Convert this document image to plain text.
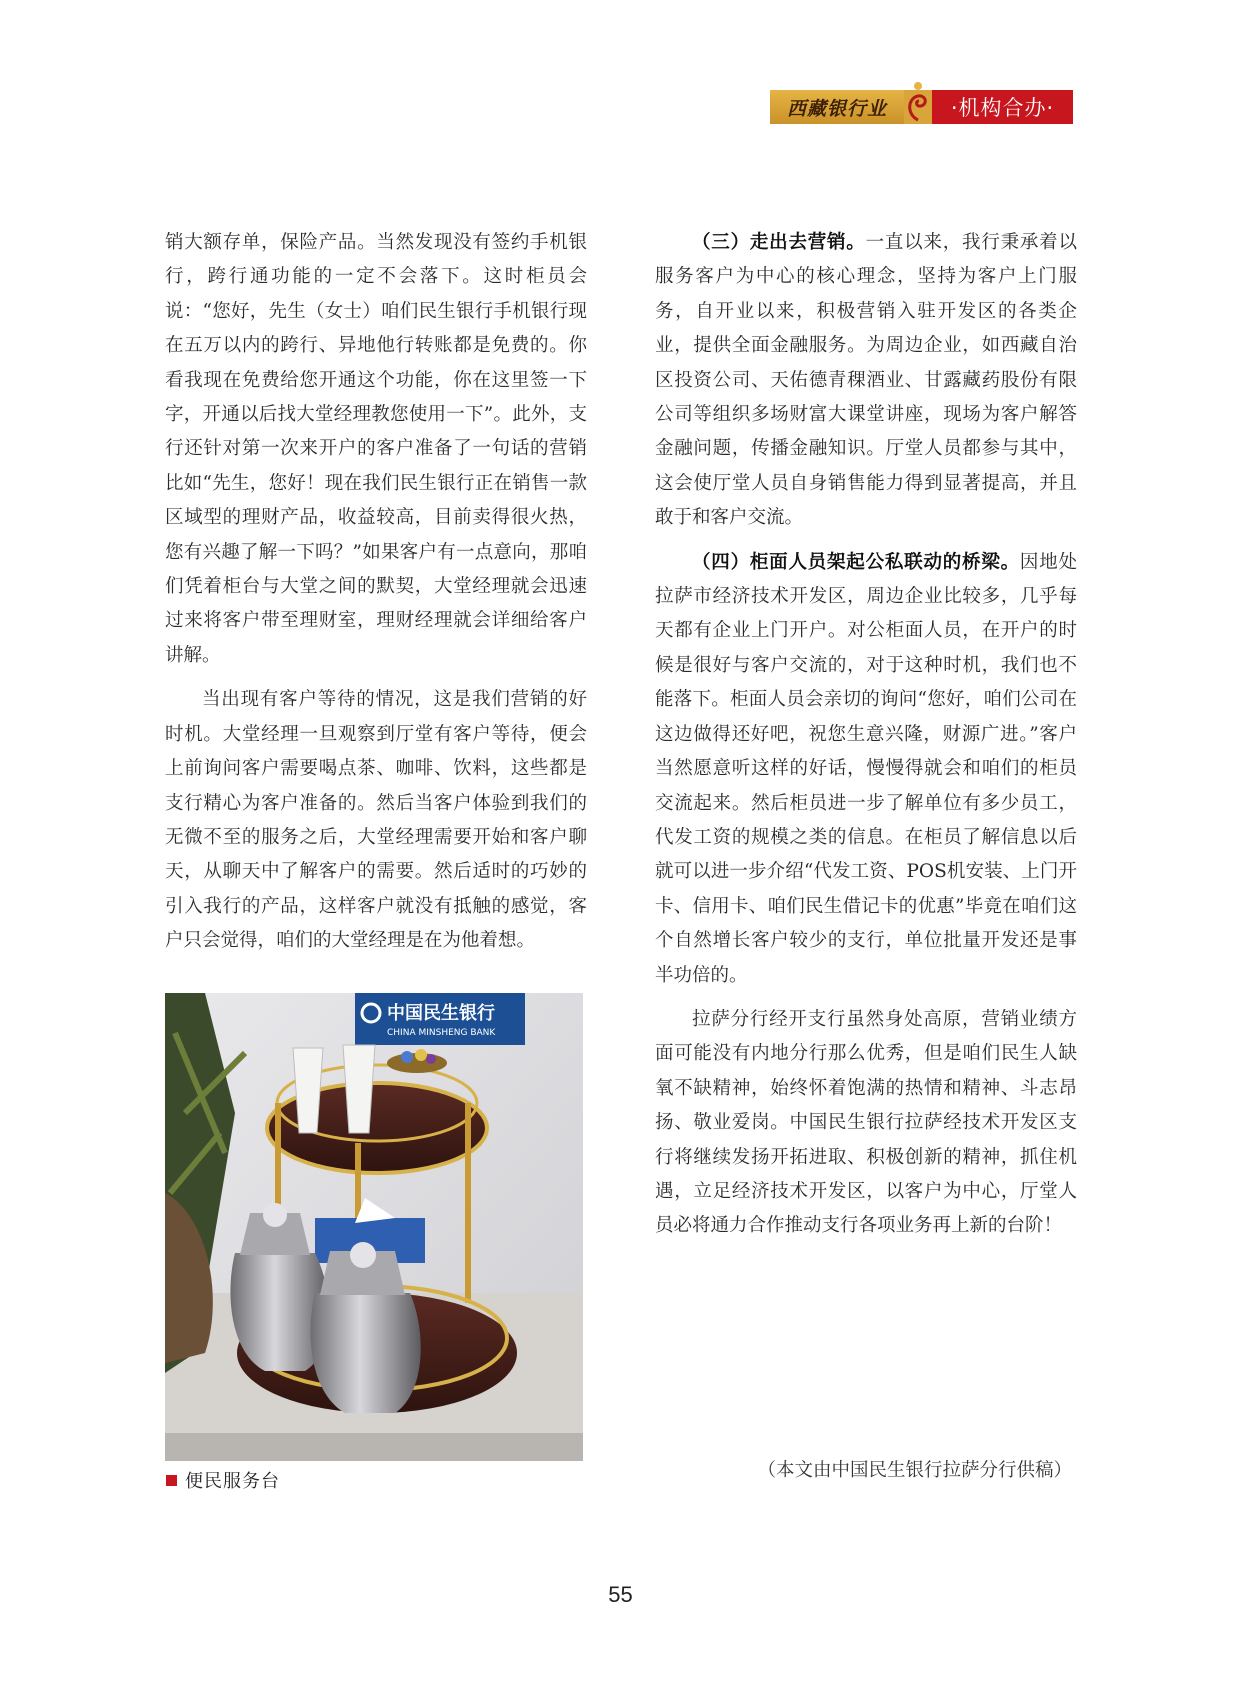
西藏银行业	·机构合办·

销大额存单，保险产品。当然发现没有签约手机银行，跨行通功能的一定不会落下。这时柜员会说：“您好，先生（女士）咱们民生银行手机银行现在五万以内的跨行、异地他行转账都是免费的。你看我现在免费给您开通这个功能，你在这里签一下字，开通以后找大堂经理教您使用一下”。此外，支行还针对第一次来开户的客户准备了一句话的营销比如“先生，您好！现在我们民生银行正在销售一款区域型的理财产品，收益较高，目前卖得很火热，您有兴趣了解一下吗？”如果客户有一点意向，那咱们凭着柜台与大堂之间的默契，大堂经理就会迅速过来将客户带至理财室，理财经理就会详细给客户讲解。

当出现有客户等待的情况，这是我们营销的好时机。大堂经理一旦观察到厅堂有客户等待，便会上前询问客户需要喝点茶、咖啡、饮料，这些都是支行精心为客户准备的。然后当客户体验到我们的无微不至的服务之后，大堂经理需要开始和客户聊天，从聊天中了解客户的需要。然后适时的巧妙的引入我行的产品，这样客户就没有抵触的感觉，客户只会觉得，咱们的大堂经理是在为他着想。

中国民生银行
CHINA MINSHENG BANK
便民服务台

（三）走出去营销。一直以来，我行秉承着以服务客户为中心的核心理念，坚持为客户上门服务，自开业以来，积极营销入驻开发区的各类企业，提供全面金融服务。为周边企业，如西藏自治区投资公司、天佑德青稞酒业、甘露藏药股份有限公司等组织多场财富大课堂讲座，现场为客户解答金融问题，传播金融知识。厅堂人员都参与其中，这会使厅堂人员自身销售能力得到显著提高，并且敢于和客户交流。

（四）柜面人员架起公私联动的桥梁。因地处拉萨市经济技术开发区，周边企业比较多，几乎每天都有企业上门开户。对公柜面人员，在开户的时候是很好与客户交流的，对于这种时机，我们也不能落下。柜面人员会亲切的询问“您好，咱们公司在这边做得还好吧，祝您生意兴隆，财源广进。”客户当然愿意听这样的好话，慢慢得就会和咱们的柜员交流起来。然后柜员进一步了解单位有多少员工，代发工资的规模之类的信息。在柜员了解信息以后就可以进一步介绍“代发工资、POS机安装、上门开卡、信用卡、咱们民生借记卡的优惠”毕竟在咱们这个自然增长客户较少的支行，单位批量开发还是事半功倍的。

拉萨分行经开支行虽然身处高原，营销业绩方面可能没有内地分行那么优秀，但是咱们民生人缺氧不缺精神，始终怀着饱满的热情和精神、斗志昂扬、敬业爱岗。中国民生银行拉萨经技术开发区支行将继续发扬开拓进取、积极创新的精神，抓住机遇，立足经济技术开发区，以客户为中心，厅堂人员必将通力合作推动支行各项业务再上新的台阶！

（本文由中国民生银行拉萨分行供稿）
55
